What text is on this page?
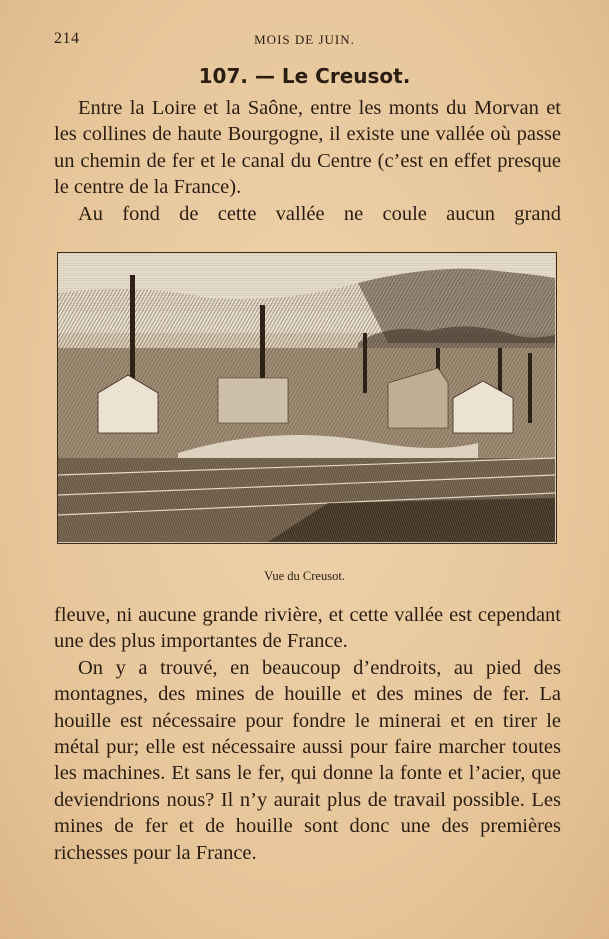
214	MOIS DE JUIN.
107. — Le Creusot.

Entre la Loire et la Saône, entre les monts du Morvan et les collines de haute Bourgogne, il existe une vallée où passe un chemin de fer et le canal du Centre (c’est en effet presque le centre de la France).

Au fond de cette vallée ne coule aucun grand

Vue du Creusot.

fleuve, ni aucune grande rivière, et cette vallée est cependant une des plus importantes de France.

On y a trouvé, en beaucoup d’endroits, au pied des montagnes, des mines de houille et des mines de fer. La houille est nécessaire pour fondre le minerai et en tirer le métal pur; elle est nécessaire aussi pour faire marcher toutes les machines. Et sans le fer, qui donne la fonte et l’acier, que deviendrions nous? Il n’y aurait plus de travail possible. Les mines de fer et de houille sont donc une des premières richesses pour la France.
